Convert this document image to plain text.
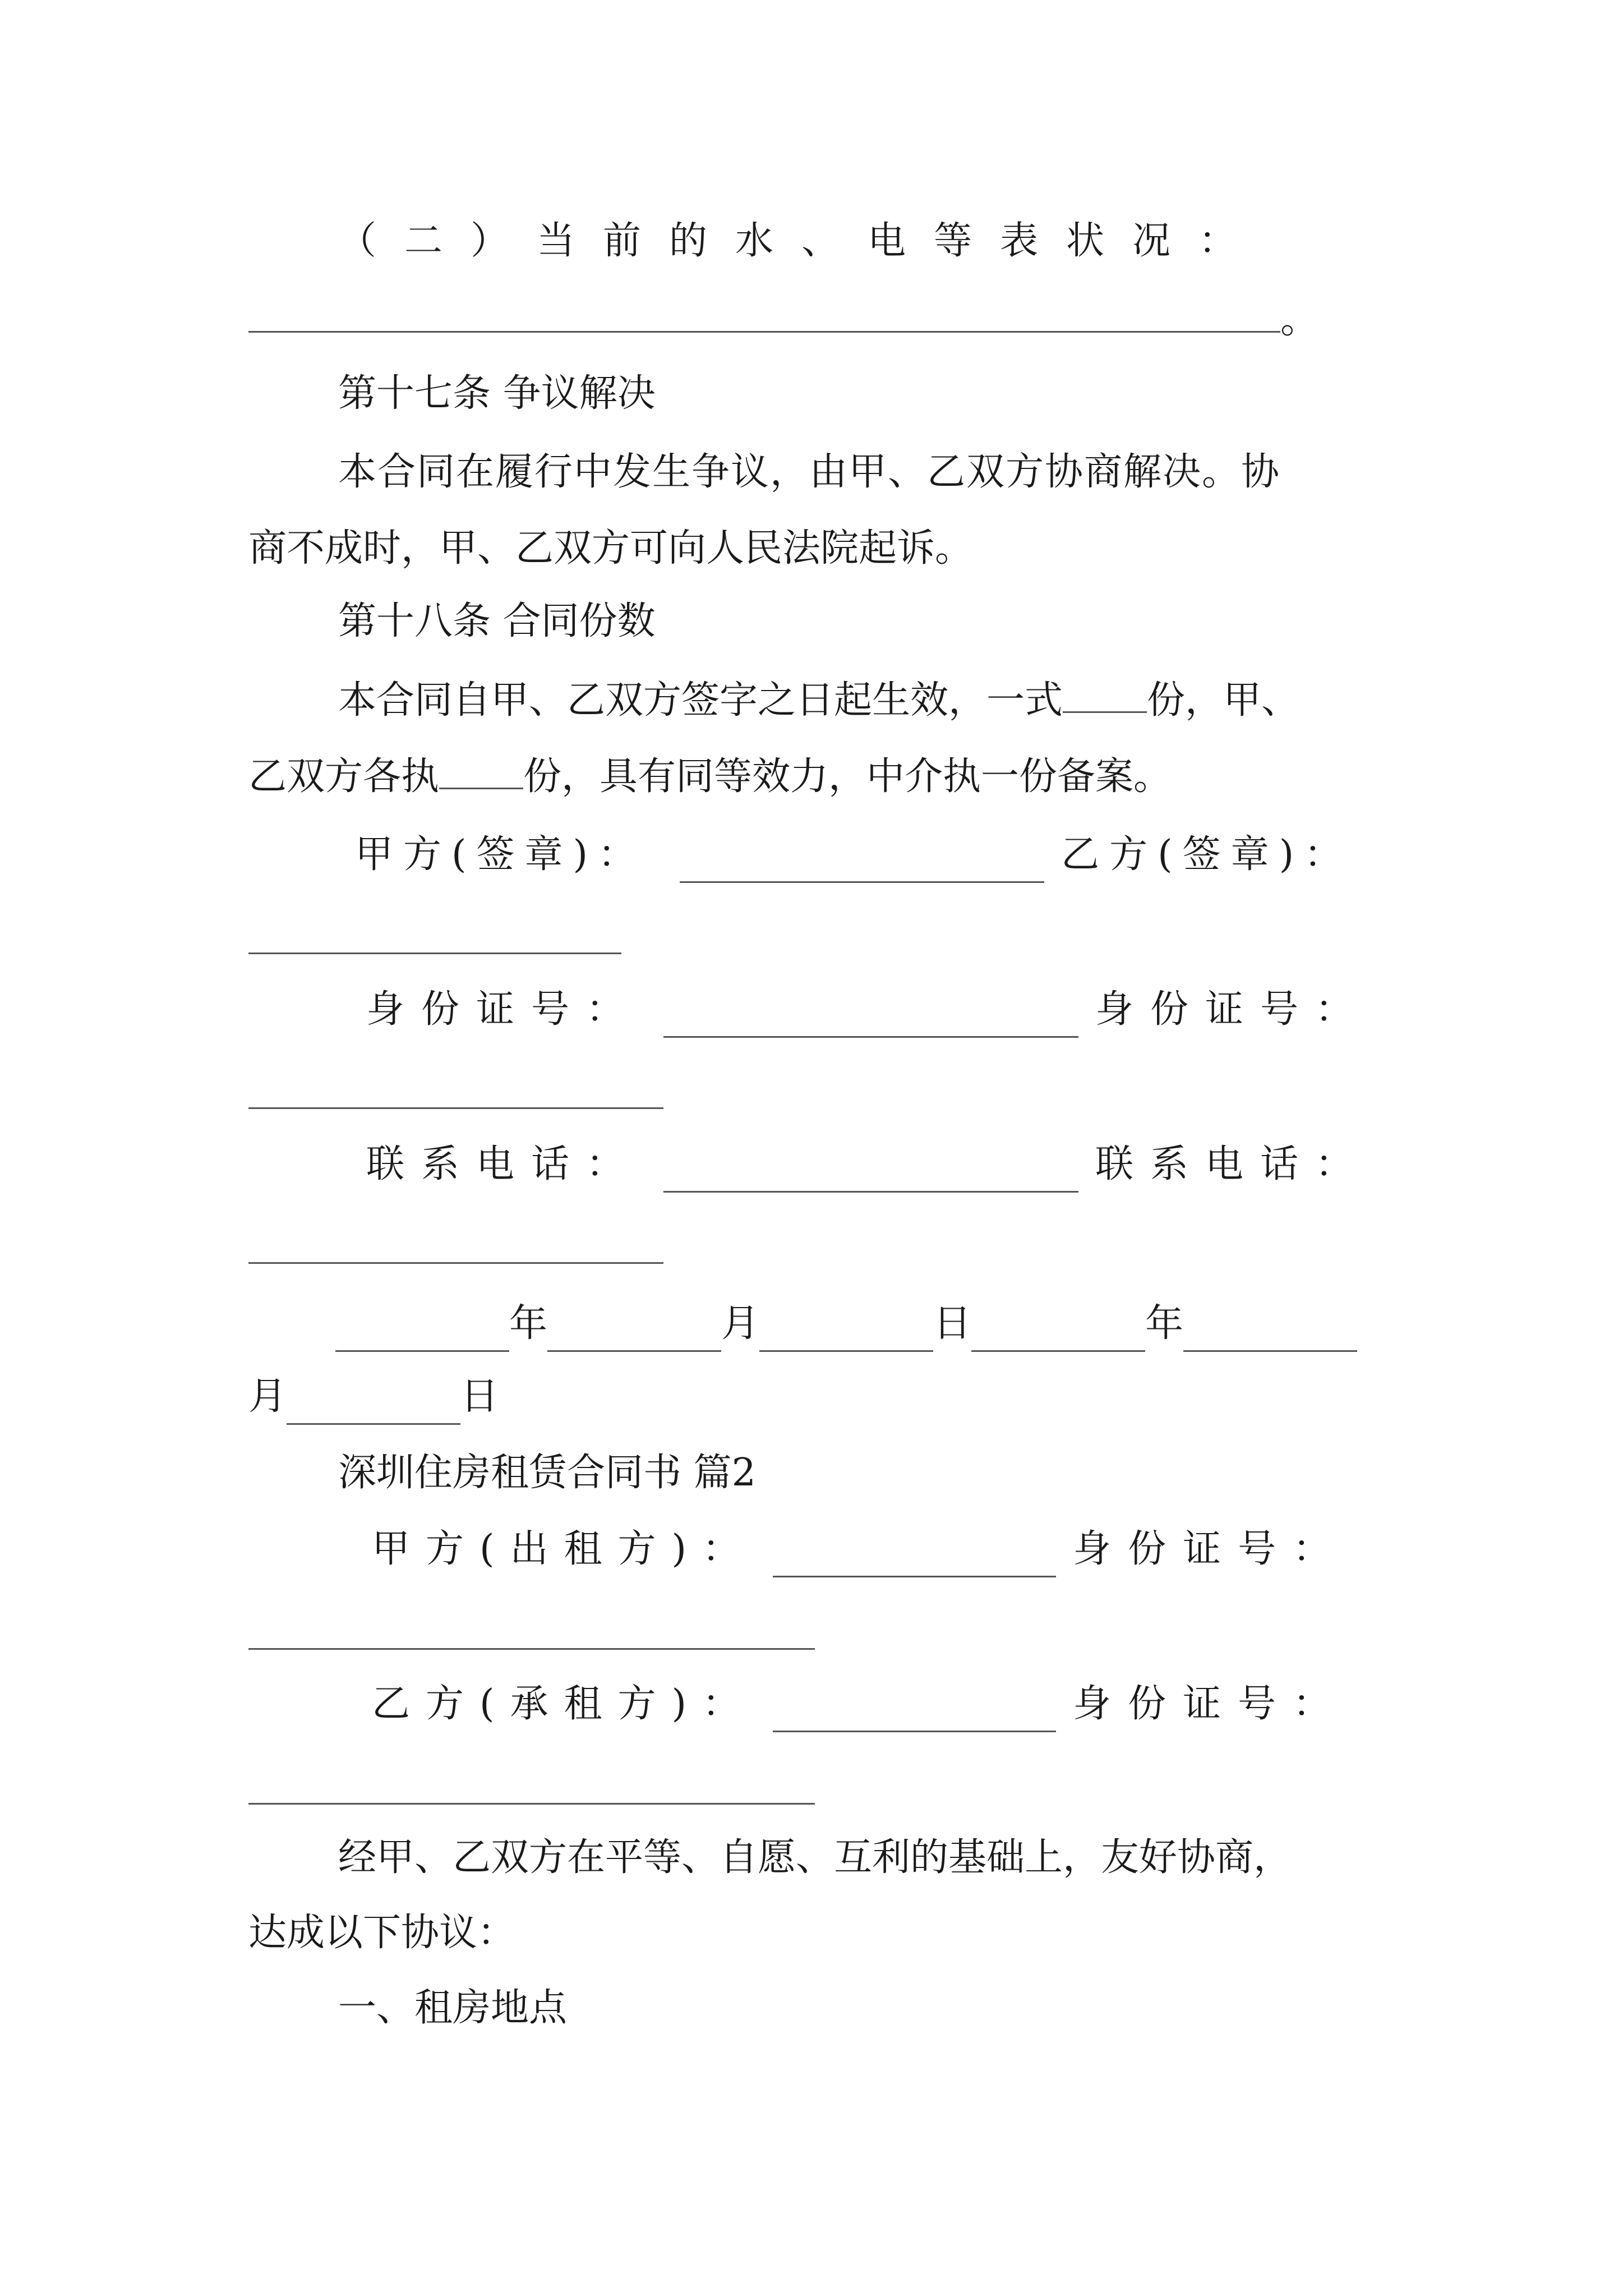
（二）当前的水、电等表状况：
。
第十七条 争议解决
本合同在履行中发生争议，由甲、乙双方协商解决。协
商不成时，甲、乙双方可向人民法院起诉。
第十八条 合同份数
本合同自甲、乙双方签字之日起生效，一式 份，甲、
乙双方各执 份，具有同等效力，中介执一份备案。
甲方(签章)：	乙方(签章)：
身份证号：	身份证号：
联系电话：	联系电话：
年	月	日	年
月	日
深圳住房租赁合同书 篇2
甲方(出租方)：	身份证号：
乙方(承租方)：	身份证号：
经甲、乙双方在平等、自愿、互利的基础上，友好协商，
达成以下协议：
一、租房地点
